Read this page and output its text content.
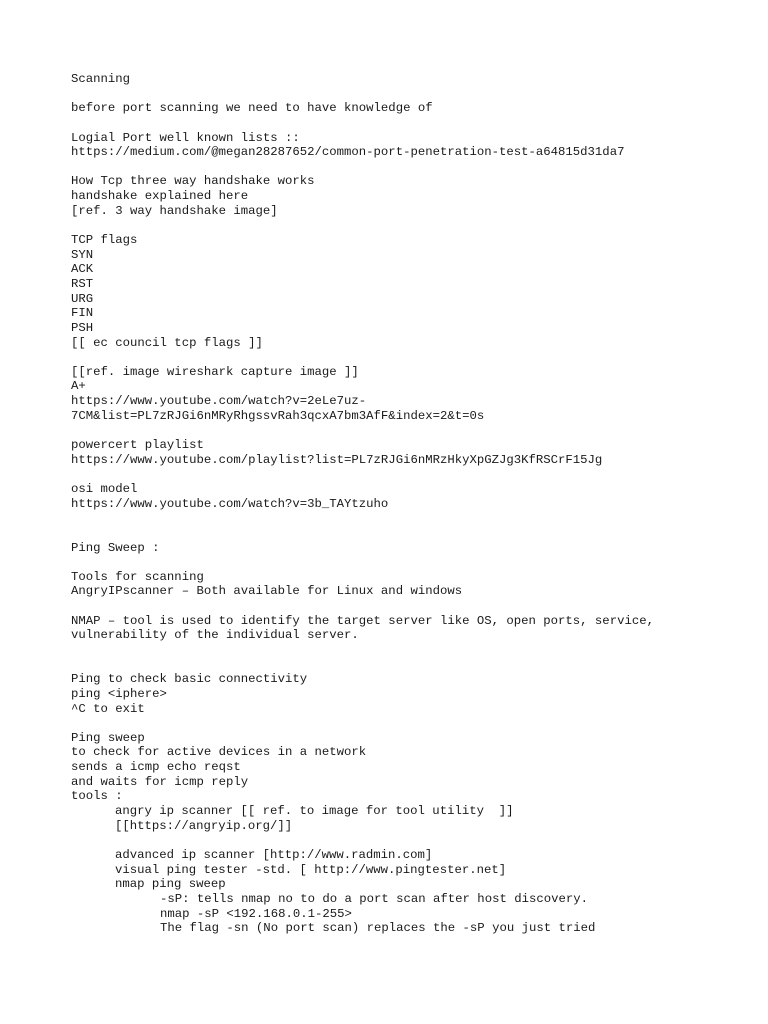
Scanning
before port scanning we need to have knowledge of
Logial Port well known lists ::
https://medium.com/@megan28287652/common-port-penetration-test-a64815d31da7
How Tcp three way handshake works
handshake explained here
[ref. 3 way handshake image]
TCP flags
SYN
ACK
RST
URG
FIN
PSH
[[ ec council tcp flags ]]
[[ref. image wireshark capture image ]]
A+
https://www.youtube.com/watch?v=2eLe7uz-
7CM&list=PL7zRJGi6nMRyRhgssvRah3qcxA7bm3AfF&index=2&t=0s
powercert playlist
https://www.youtube.com/playlist?list=PL7zRJGi6nMRzHkyXpGZJg3KfRSCrF15Jg
osi model
https://www.youtube.com/watch?v=3b_TAYtzuho
Ping Sweep :
Tools for scanning
AngryIPscanner – Both available for Linux and windows
NMAP – tool is used to identify the target server like OS, open ports, service,
vulnerability of the individual server.
Ping to check basic connectivity
ping <iphere>
^C to exit
Ping sweep
to check for active devices in a network
sends a icmp echo reqst
and waits for icmp reply
tools :
angry ip scanner [[ ref. to image for tool utility  ]]
[[https://angryip.org/]]
advanced ip scanner [http://www.radmin.com]
visual ping tester -std. [ http://www.pingtester.net]
nmap ping sweep
-sP: tells nmap no to do a port scan after host discovery.
nmap -sP <192.168.0.1-255>
The flag -sn (No port scan) replaces the -sP you just tried
